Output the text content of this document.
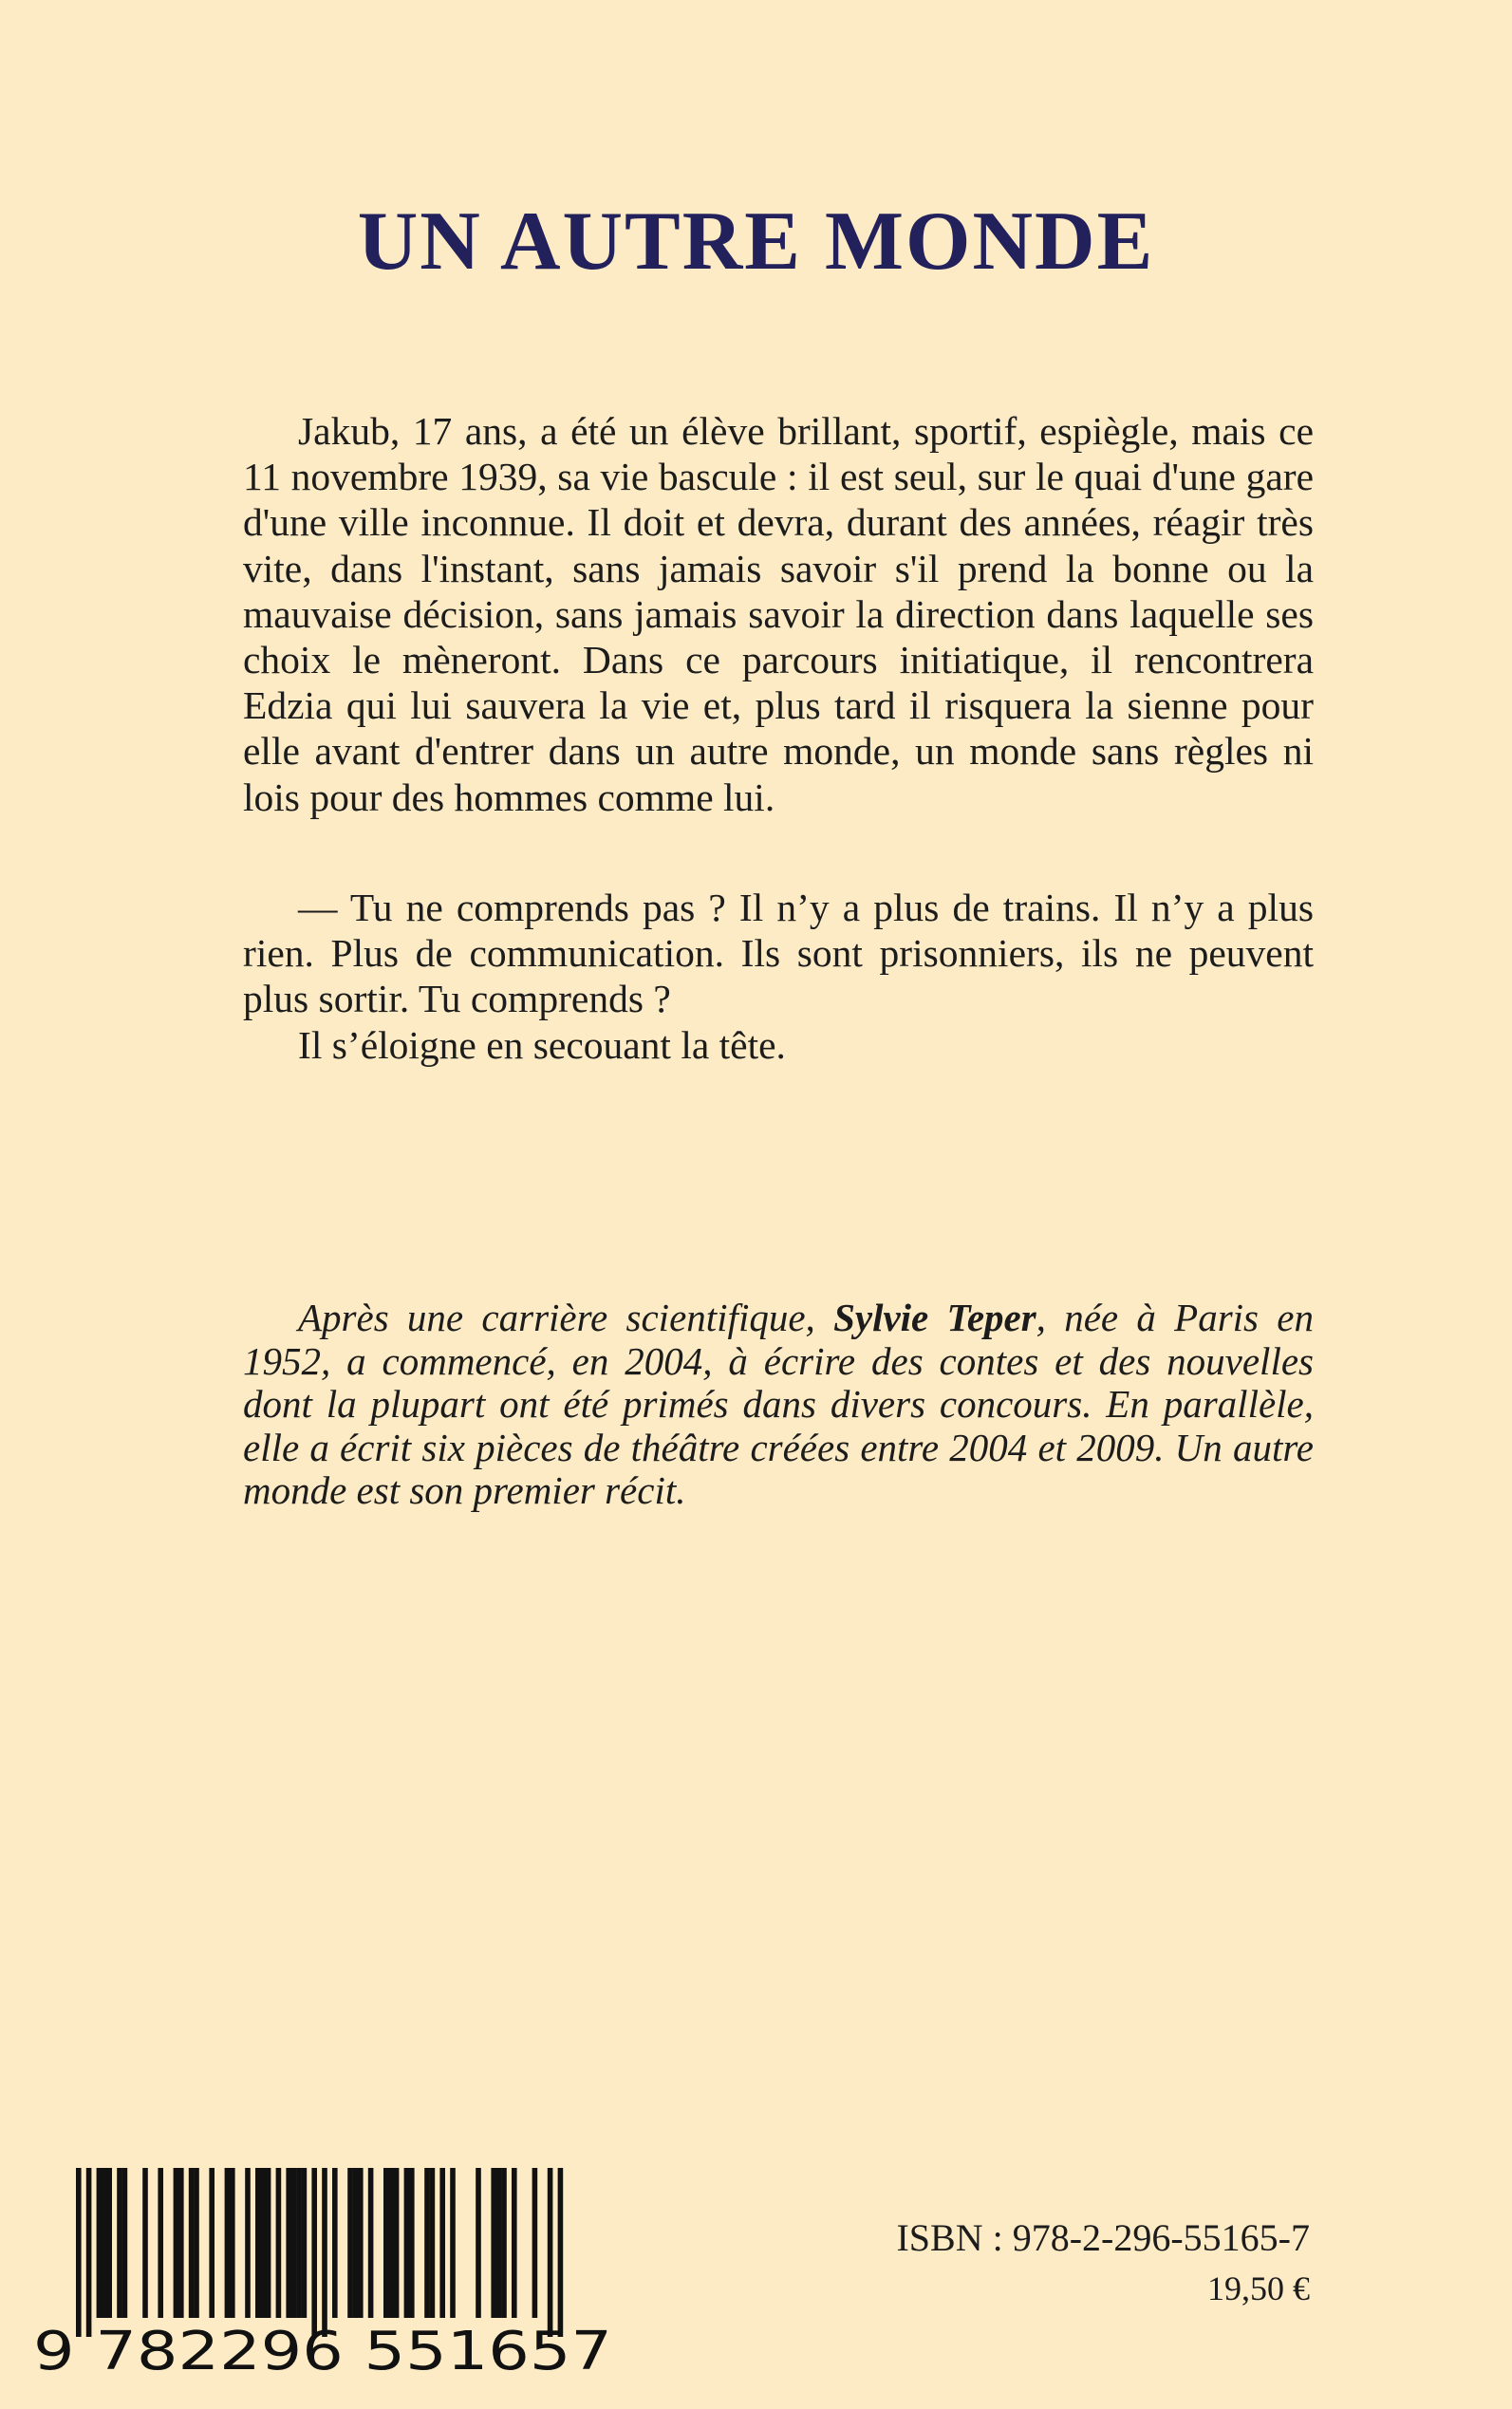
UN AUTRE MONDE

Jakub, 17 ans, a été un élève brillant, sportif, espiègle, mais ce 11 novembre 1939, sa vie bascule : il est seul, sur le quai d'une gare d'une ville inconnue. Il doit et devra, durant des années, réagir très vite, dans l'instant, sans jamais savoir s'il prend la bonne ou la mauvaise décision, sans jamais savoir la direction dans laquelle ses choix le mèneront. Dans ce parcours initiatique, il rencontrera Edzia qui lui sauvera la vie et, plus tard il risquera la sienne pour elle avant d'entrer dans un autre monde, un monde sans règles ni lois pour des hommes comme lui.

— Tu ne comprends pas ? Il n’y a plus de trains. Il n’y a plus rien. Plus de communication. Ils sont prisonniers, ils ne peuvent plus sortir. Tu comprends ?

Il s’éloigne en secouant la tête.

Après une carrière scientifique, Sylvie Teper, née à Paris en 1952, a commencé, en 2004, à écrire des contes et des nouvelles dont la plupart ont été primés dans divers concours. En parallèle, elle a écrit six pièces de théâtre créées entre 2004 et 2009. Un autre monde est son premier récit.

9 782296 551657
ISBN : 978-2-296-55165-7
19,50 €
